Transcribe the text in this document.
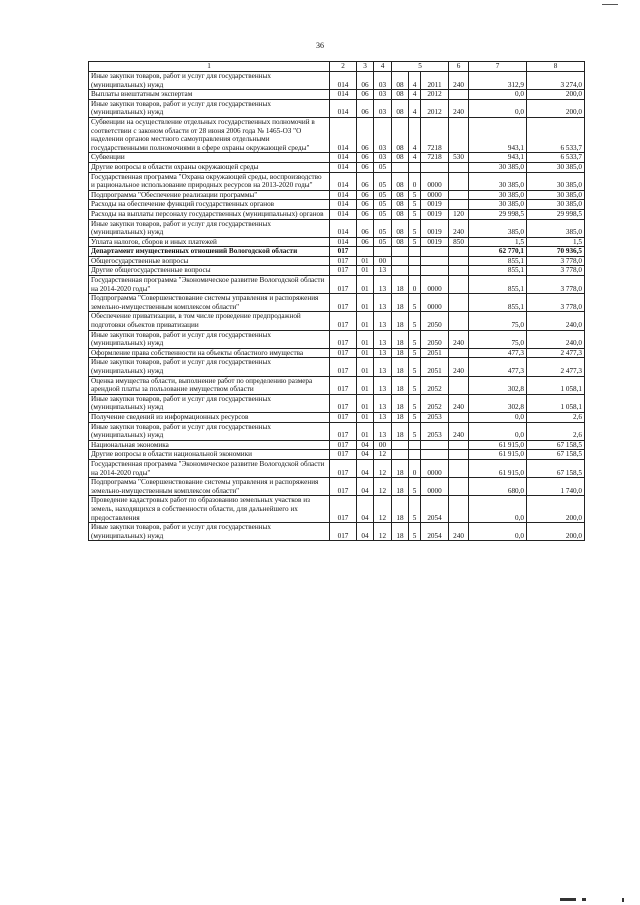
36
1	2	3	4	5			6	7	8
Иные закупки товаров, работ и услуг для государственных (муниципальных) нужд	014	06	03	08	4	2011	240	312,9	3 274,0
Выплаты внештатным экспертам	014	06	03	08	4	2012		0,0	200,0
Иные закупки товаров, работ и услуг для государственных (муниципальных) нужд	014	06	03	08	4	2012	240	0,0	200,0
Субвенции на осуществление отдельных государственных полномочий в соответствии с законом области от 28 июня 2006 года № 1465-ОЗ "О наделении органов местного самоуправления отдельными государственными полномочиями в сфере охраны окружающей среды"	014	06	03	08	4	7218		943,1	6 533,7
Субвенции	014	06	03	08	4	7218	530	943,1	6 533,7
Другие вопросы в области охраны окружающей среды	014	06	05					30 385,0	30 385,0
Государственная программа "Охрана окружающей среды, воспроизводство и рациональное использование природных ресурсов на 2013-2020 годы"	014	06	05	08	0	0000		30 385,0	30 385,0
Подпрограмма "Обеспечение реализации программы"	014	06	05	08	5	0000		30 385,0	30 385,0
Расходы на обеспечение функций государственных органов	014	06	05	08	5	0019		30 385,0	30 385,0
Расходы на выплаты персоналу государственных (муниципальных) органов	014	06	05	08	5	0019	120	29 998,5	29 998,5
Иные закупки товаров, работ и услуг для государственных (муниципальных) нужд	014	06	05	08	5	0019	240	385,0	385,0
Уплата налогов, сборов и иных платежей	014	06	05	08	5	0019	850	1,5	1,5
Департамент имущественных отношений Вологодской области	017							62 770,1	70 936,5
Общегосударственные вопросы	017	01	00					855,1	3 778,0
Другие общегосударственные вопросы	017	01	13					855,1	3 778,0
Государственная программа "Экономическое развитие Вологодской области на 2014-2020 годы"	017	01	13	18	0	0000		855,1	3 778,0
Подпрограмма "Совершенствование системы управления и распоряжения земельно-имущественным комплексом области"	017	01	13	18	5	0000		855,1	3 778,0
Обеспечение приватизации, в том числе проведение предпродажной подготовки объектов приватизации	017	01	13	18	5	2050		75,0	240,0
Иные закупки товаров, работ и услуг для государственных (муниципальных) нужд	017	01	13	18	5	2050	240	75,0	240,0
Оформление права собственности на объекты областного имущества	017	01	13	18	5	2051		477,3	2 477,3
Иные закупки товаров, работ и услуг для государственных (муниципальных) нужд	017	01	13	18	5	2051	240	477,3	2 477,3
Оценка имущества области, выполнение работ по определению размера арендной платы за пользование имуществом области	017	01	13	18	5	2052		302,8	1 058,1
Иные закупки товаров, работ и услуг для государственных (муниципальных) нужд	017	01	13	18	5	2052	240	302,8	1 058,1
Получение сведений из информационных ресурсов	017	01	13	18	5	2053		0,0	2,6
Иные закупки товаров, работ и услуг для государственных (муниципальных) нужд	017	01	13	18	5	2053	240	0,0	2,6
Национальная экономика	017	04	00					61 915,0	67 158,5
Другие вопросы в области национальной экономики	017	04	12					61 915,0	67 158,5
Государственная программа "Экономическое развитие Вологодской области на 2014-2020 годы"	017	04	12	18	0	0000		61 915,0	67 158,5
Подпрограмма "Совершенствование системы управления и распоряжения земельно-имущественным комплексом области"	017	04	12	18	5	0000		680,0	1 740,0
Проведение кадастровых работ по образованию земельных участков из земель, находящихся в собственности области, для дальнейшего их предоставления	017	04	12	18	5	2054		0,0	200,0
Иные закупки товаров, работ и услуг для государственных (муниципальных) нужд	017	04	12	18	5	2054	240	0,0	200,0
